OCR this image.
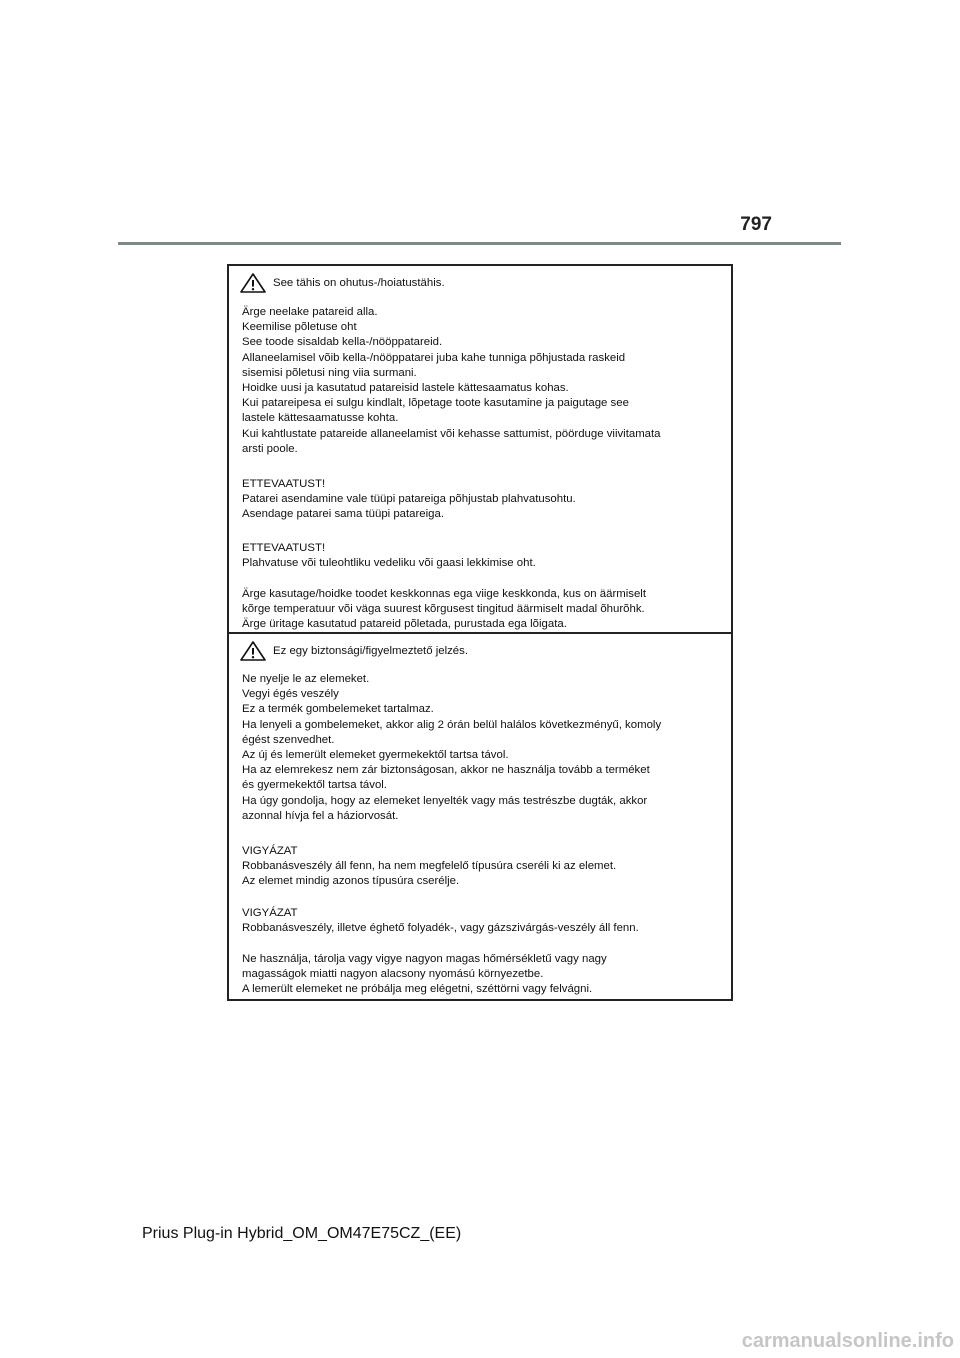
797
See tähis on ohutus-/hoiatustähis.
Ärge neelake patareid alla.
Keemilise põletuse oht
See toode sisaldab kella-/nööppatareid.
Allaneelamisel võib kella-/nööppatarei juba kahe tunniga põhjustada raskeid
sisemisi põletusi ning viia surmani.
Hoidke uusi ja kasutatud patareisid lastele kättesaamatus kohas.
Kui patareipesa ei sulgu kindlalt, lõpetage toote kasutamine ja paigutage see
lastele kättesaamatusse kohta.
Kui kahtlustate patareide allaneelamist või kehasse sattumist, pöörduge viivitamata
arsti poole.
ETTEVAATUST!
Patarei asendamine vale tüüpi patareiga põhjustab plahvatusohtu.
Asendage patarei sama tüüpi patareiga.
ETTEVAATUST!
Plahvatuse või tuleohtliku vedeliku või gaasi lekkimise oht.
Ärge kasutage/hoidke toodet keskkonnas ega viige keskkonda, kus on äärmiselt
kõrge temperatuur või väga suurest kõrgusest tingitud äärmiselt madal õhurõhk.
Ärge üritage kasutatud patareid põletada, purustada ega lõigata.
Ez egy biztonsági/figyelmeztető jelzés.
Ne nyelje le az elemeket.
Vegyi égés veszély
Ez a termék gombelemeket tartalmaz.
Ha lenyeli a gombelemeket, akkor alig 2 órán belül halálos következményű, komoly
égést szenvedhet.
Az új és lemerült elemeket gyermekektől tartsa távol.
Ha az elemrekesz nem zár biztonságosan, akkor ne használja tovább a terméket
és gyermekektől tartsa távol.
Ha úgy gondolja, hogy az elemeket lenyelték vagy más testrészbe dugták, akkor
azonnal hívja fel a háziorvosát.
VIGYÁZAT
Robbanásveszély áll fenn, ha nem megfelelő típusúra cseréli ki az elemet.
Az elemet mindig azonos típusúra cserélje.
VIGYÁZAT
Robbanásveszély, illetve éghető folyadék-, vagy gázszivárgás-veszély áll fenn.
Ne használja, tárolja vagy vigye nagyon magas hőmérsékletű vagy nagy
magasságok miatti nagyon alacsony nyomású környezetbe.
A lemerült elemeket ne próbálja meg elégetni, széttörni vagy felvágni.
Prius Plug-in Hybrid_OM_OM47E75CZ_(EE)
carmanualsonline.info
